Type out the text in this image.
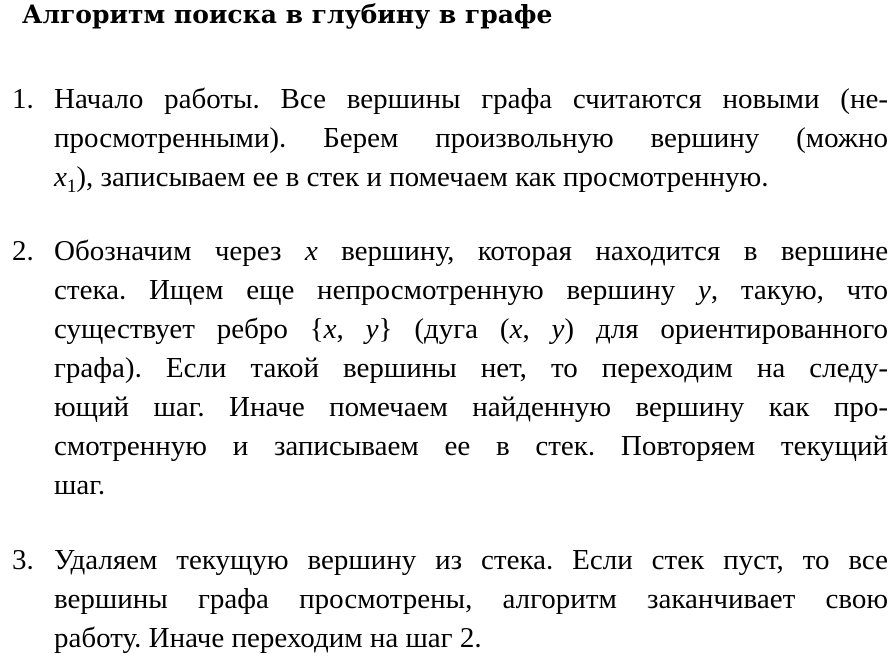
Алгоритм поиска в глубину в графе
1. Начало работы. Все вершины графа считаются новыми (не-
просмотренными). Берем произвольную вершину (можно
$x_1$), записываем ее в стек и помечаем как просмотренную.
2. Обозначим через x вершину, которая находится в вершине
стека. Ищем еще непросмотренную вершину y, такую, что
существует ребро {x, y} (дуга (x, y) для ориентированного
графа). Если такой вершины нет, то переходим на следу-
ющий шаг. Иначе помечаем найденную вершину как про-
смотренную и записываем ее в стек. Повторяем текущий
шаг.
3. Удаляем текущую вершину из стека. Если стек пуст, то все
вершины графа просмотрены, алгоритм заканчивает свою
работу. Иначе переходим на шаг 2.
